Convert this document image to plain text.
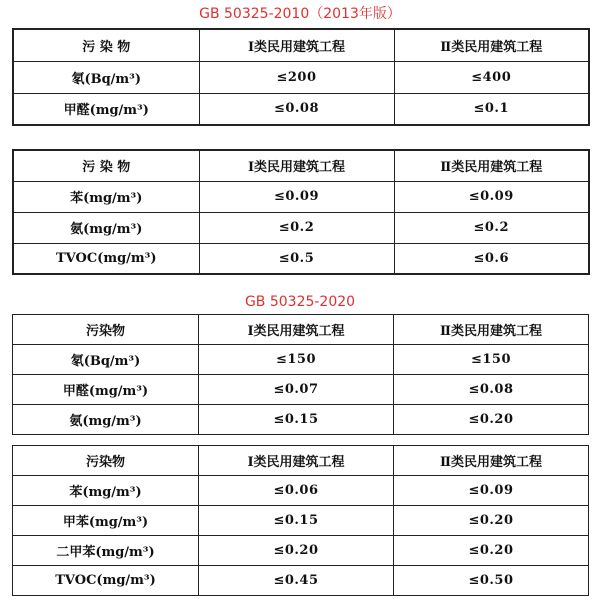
GB 50325-2010（2013年版）
污 染 物	Ⅰ类民用建筑工程	Ⅱ类民用建筑工程
氡(Bq/m³)	≤200	≤400
甲醛(mg/m³)	≤0.08	≤0.1
污 染 物	Ⅰ类民用建筑工程	Ⅱ类民用建筑工程
苯(mg/m³)	≤0.09	≤0.09
氨(mg/m³)	≤0.2	≤0.2
TVOC(mg/m³)	≤0.5	≤0.6
GB 50325-2020
污染物	Ⅰ类民用建筑工程	Ⅱ类民用建筑工程
氡(Bq/m³)	≤150	≤150
甲醛(mg/m³)	≤0.07	≤0.08
氨(mg/m³)	≤0.15	≤0.20
污染物	Ⅰ类民用建筑工程	Ⅱ类民用建筑工程
苯(mg/m³)	≤0.06	≤0.09
甲苯(mg/m³)	≤0.15	≤0.20
二甲苯(mg/m³)	≤0.20	≤0.20
TVOC(mg/m³)	≤0.45	≤0.50
